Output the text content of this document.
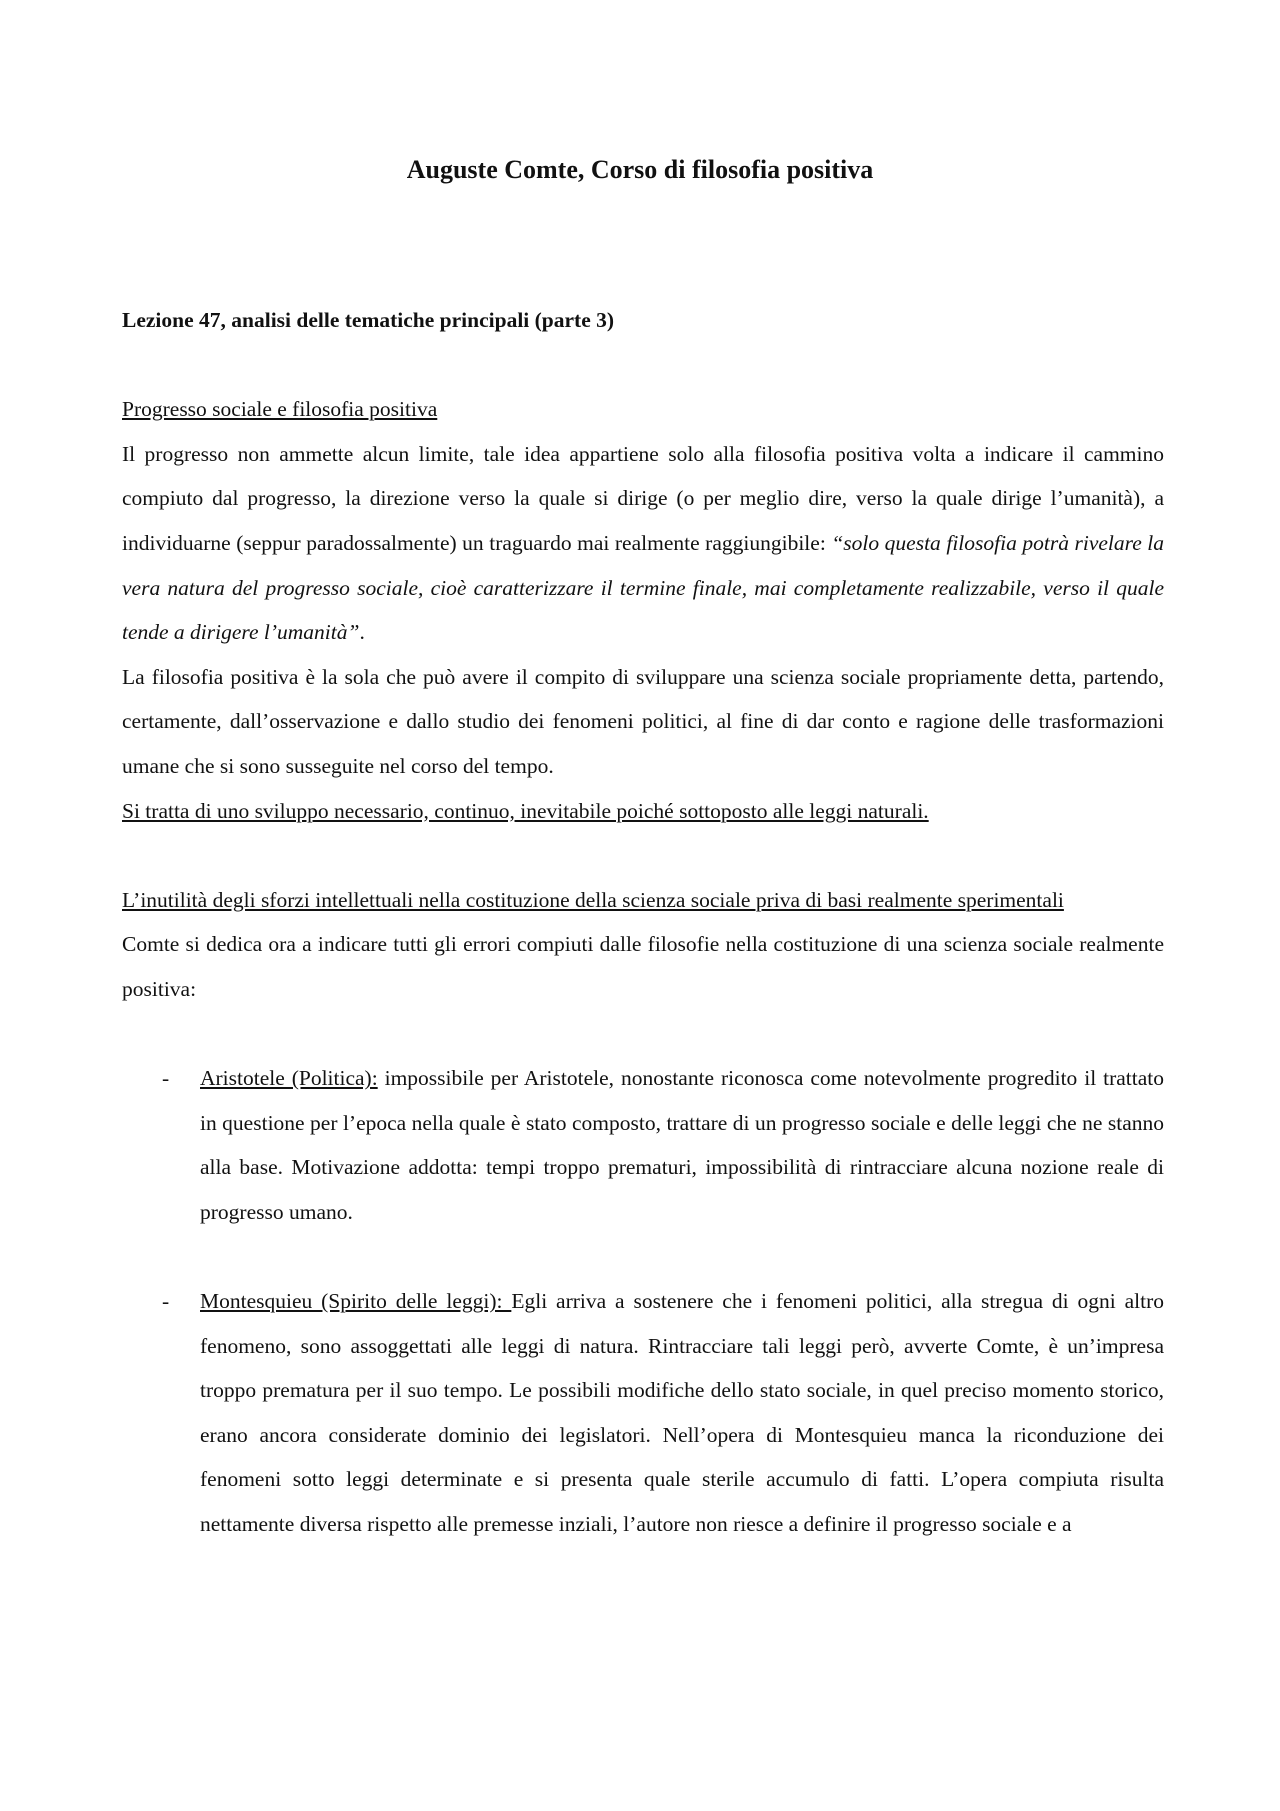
Auguste Comte, Corso di filosofia positiva

Lezione 47, analisi delle tematiche principali (parte 3)

Progresso sociale e filosofia positiva

Il progresso non ammette alcun limite, tale idea appartiene solo alla filosofia positiva volta a indicare il cammino compiuto dal progresso, la direzione verso la quale si dirige (o per meglio dire, verso la quale dirige l’umanità), a individuarne (seppur paradossalmente) un traguardo mai realmente raggiungibile: “solo questa filosofia potrà rivelare la vera natura del progresso sociale, cioè caratterizzare il termine finale, mai completamente realizzabile, verso il quale tende a dirigere l’umanità”.

La filosofia positiva è la sola che può avere il compito di sviluppare una scienza sociale propriamente detta, partendo, certamente, dall’osservazione e dallo studio dei fenomeni politici, al fine di dar conto e ragione delle trasformazioni umane che si sono susseguite nel corso del tempo.
Si tratta di uno sviluppo necessario, continuo, inevitabile poiché sottoposto alle leggi naturali.

L’inutilità degli sforzi intellettuali nella costituzione della scienza sociale priva di basi realmente sperimentali

Comte si dedica ora a indicare tutti gli errori compiuti dalle filosofie nella costituzione di una scienza sociale realmente positiva:

- Aristotele (Politica): impossibile per Aristotele, nonostante riconosca come notevolmente progredito il trattato in questione per l’epoca nella quale è stato composto, trattare di un progresso sociale e delle leggi che ne stanno alla base. Motivazione addotta: tempi troppo prematuri, impossibilità di rintracciare alcuna nozione reale di progresso umano.
- Montesquieu (Spirito delle leggi): Egli arriva a sostenere che i fenomeni politici, alla stregua di ogni altro fenomeno, sono assoggettati alle leggi di natura. Rintracciare tali leggi però, avverte Comte, è un’impresa troppo prematura per il suo tempo. Le possibili modifiche dello stato sociale, in quel preciso momento storico, erano ancora considerate dominio dei legislatori. Nell’opera di Montesquieu manca la riconduzione dei fenomeni sotto leggi determinate e si presenta quale sterile accumulo di fatti. L’opera compiuta risulta nettamente diversa rispetto alle premesse inziali, l’autore non riesce a definire il progresso sociale e a
